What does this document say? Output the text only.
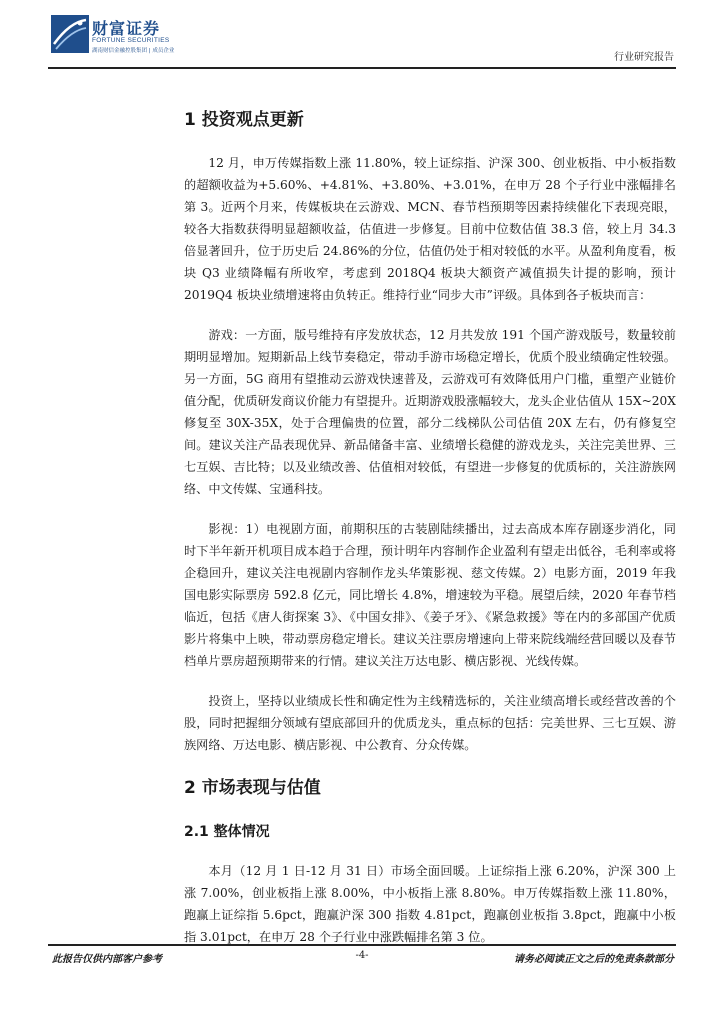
财富证券
FORTUNE SECURITIES
湖南财信金融控股集团 | 成员企业
行业研究报告
1 投资观点更新

12 月，申万传媒指数上涨 11.80%，较上证综指、沪深 300、创业板指、中小板指数的超额收益为+5.60%、+4.81%、+3.80%、+3.01%，在申万 28 个子行业中涨幅排名第 3。近两个月来，传媒板块在云游戏、MCN、春节档预期等因素持续催化下表现亮眼，较各大指数获得明显超额收益，估值进一步修复。目前中位数估值 38.3 倍，较上月 34.3 倍显著回升，位于历史后 24.86%的分位，估值仍处于相对较低的水平。从盈利角度看，板块 Q3 业绩降幅有所收窄，考虑到 2018Q4 板块大额资产减值损失计提的影响，预计 2019Q4 板块业绩增速将由负转正。维持行业“同步大市”评级。具体到各子板块而言：

游戏：一方面，版号维持有序发放状态，12 月共发放 191 个国产游戏版号，数量较前期明显增加。短期新品上线节奏稳定，带动手游市场稳定增长，优质个股业绩确定性较强。另一方面，5G 商用有望推动云游戏快速普及，云游戏可有效降低用户门槛，重塑产业链价值分配，优质研发商议价能力有望提升。近期游戏股涨幅较大，龙头企业估值从 15X~20X 修复至 30X-35X，处于合理偏贵的位置，部分二线梯队公司估值 20X 左右，仍有修复空间。建议关注产品表现优异、新品储备丰富、业绩增长稳健的游戏龙头，关注完美世界、三七互娱、吉比特；以及业绩改善、估值相对较低，有望进一步修复的优质标的，关注游族网络、中文传媒、宝通科技。

影视：1）电视剧方面，前期积压的古装剧陆续播出，过去高成本库存剧逐步消化，同时下半年新开机项目成本趋于合理，预计明年内容制作企业盈利有望走出低谷，毛利率或将企稳回升，建议关注电视剧内容制作龙头华策影视、慈文传媒。2）电影方面，2019 年我国电影实际票房 592.8 亿元，同比增长 4.8%，增速较为平稳。展望后续，2020 年春节档临近，包括《唐人街探案 3》、《中国女排》、《姜子牙》、《紧急救援》等在内的多部国产优质影片将集中上映，带动票房稳定增长。建议关注票房增速向上带来院线端经营回暖以及春节档单片票房超预期带来的行情。建议关注万达电影、横店影视、光线传媒。

投资上，坚持以业绩成长性和确定性为主线精选标的，关注业绩高增长或经营改善的个股，同时把握细分领域有望底部回升的优质龙头，重点标的包括：完美世界、三七互娱、游族网络、万达电影、横店影视、中公教育、分众传媒。

2 市场表现与估值
2.1 整体情况

本月（12 月 1 日-12 月 31 日）市场全面回暖。上证综指上涨 6.20%，沪深 300 上涨 7.00%，创业板指上涨 8.00%，中小板指上涨 8.80%。申万传媒指数上涨 11.80%，跑赢上证综指 5.6pct，跑赢沪深 300 指数 4.81pct，跑赢创业板指 3.8pct，跑赢中小板指 3.01pct，在申万 28 个子行业中涨跌幅排名第 3 位。

此报告仅供内部客户参考	-4-	请务必阅读正文之后的免责条款部分
